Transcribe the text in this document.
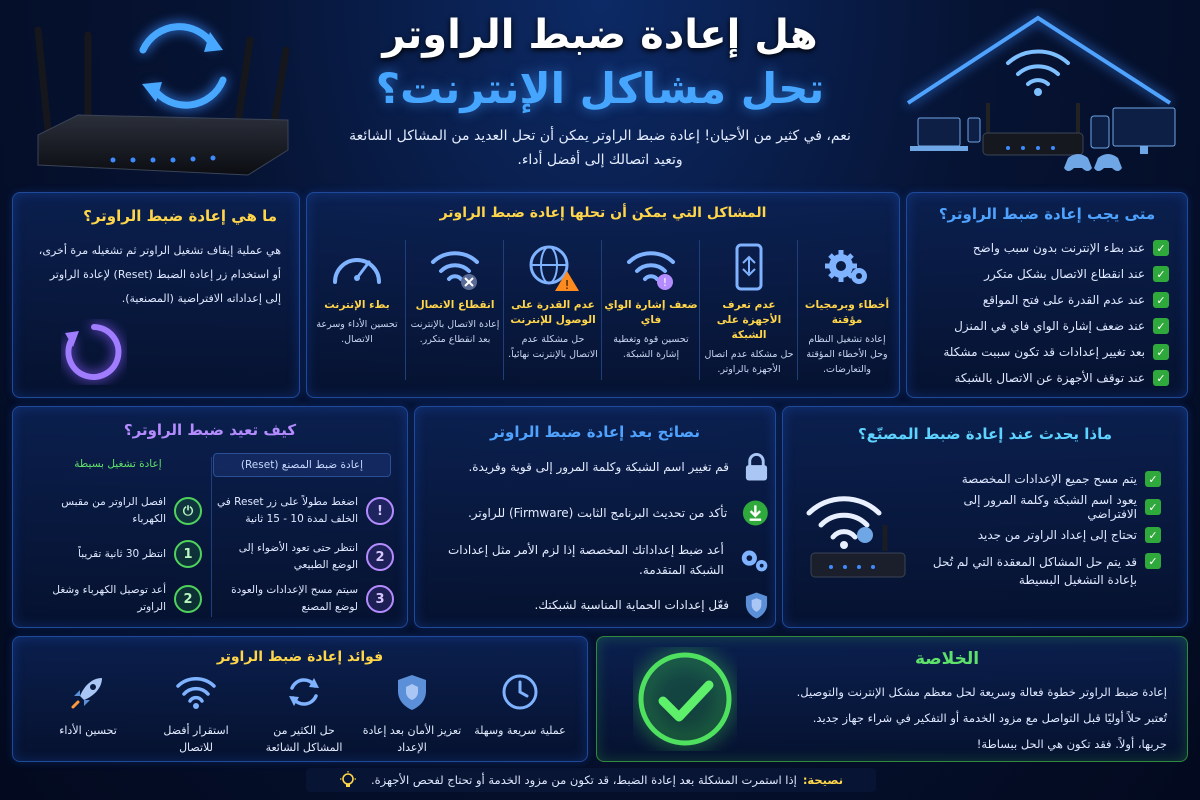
هل إعادة ضبط الراوتر
تحل مشاكل الإنترنت؟
نعم، في كثير من الأحيان! إعادة ضبط الراوتر يمكن أن تحل العديد من المشاكل الشائعة
وتعيد اتصالك إلى أفضل أداء.
متى يجب إعادة ضبط الراوتر؟
✓
عند بطء الإنترنت بدون سبب واضح
✓
عند انقطاع الاتصال بشكل متكرر
✓
عند عدم القدرة على فتح المواقع
✓
عند ضعف إشارة الواي فاي في المنزل
✓
بعد تغيير إعدادات قد تكون سببت مشكلة
✓
عند توقف الأجهزة عن الاتصال بالشبكة
المشاكل التي يمكن أن تحلها إعادة ضبط الراوتر
أخطاء وبرمجيات مؤقتة
إعادة تشغيل النظام وحل الأخطاء المؤقتة والتعارضات.
عدم تعرف الأجهزة على الشبكة
حل مشكلة عدم اتصال الأجهزة بالراوتر.
!
ضعف إشارة الواي فاي
تحسين قوة وتغطية إشارة الشبكة.
!
عدم القدرة على الوصول للإنترنت
حل مشكلة عدم الاتصال بالإنترنت نهائياً.
انقطاع الاتصال
إعادة الاتصال بالإنترنت بعد انقطاع متكرر.
بطء الإنترنت
تحسين الأداء وسرعة الاتصال.
ما هي إعادة ضبط الراوتر؟
هي عملية إيقاف تشغيل الراوتر ثم تشغيله مرة أخرى،
أو استخدام زر إعادة الضبط (Reset) لإعادة الراوتر
إلى إعداداته الافتراضية (المصنعية).
ماذا يحدث عند إعادة ضبط المصنّع؟
✓
يتم مسح جميع الإعدادات المخصصة
✓
يعود اسم الشبكة وكلمة المرور إلى الافتراضي
✓
تحتاج إلى إعداد الراوتر من جديد
✓
قد يتم حل المشاكل المعقدة التي لم تُحل بإعادة التشغيل البسيطة
نصائح بعد إعادة ضبط الراوتر
قم تغيير اسم الشبكة وكلمة المرور إلى قوية وفريدة.
تأكد من تحديث البرنامج الثابت (Firmware) للراوتر.
أعد ضبط إعداداتك المخصصة إذا لزم الأمر مثل إعدادات الشبكة المتقدمة.
فعّل إعدادات الحماية المناسبة لشبكتك.
كيف تعيد ضبط الراوتر؟
إعادة ضبط المصنع (Reset)
إعادة تشغيل بسيطة
!
اضغط مطولاً على زر Reset في الخلف لمدة 10 - 15 ثانية
2
انتظر حتى تعود الأضواء إلى الوضع الطبيعي
3
سيتم مسح الإعدادات والعودة لوضع المصنع
⏻
افصل الراوتر من مقبس الكهرباء
1
انتظر 30 ثانية تقريباً
2
أعد توصيل الكهرباء وشغل الراوتر
الخلاصة
إعادة ضبط الراوتر خطوة فعالة وسريعة لحل معظم مشكل الإنترنت والتوصيل.
تُعتبر حلاً أوليًا قبل التواصل مع مزود الخدمة أو التفكير في شراء جهاز جديد.
جربها، أولاً. فقد تكون هي الحل ببساطة!
فوائد إعادة ضبط الراوتر
عملية سريعة وسهلة
تعزيز الأمان بعد إعادة الإعداد
حل الكثير من المشاكل الشائعة
استقرار أفضل للاتصال
تحسين الأداء
نصيحة:
إذا استمرت المشكلة بعد إعادة الضبط، قد تكون من مزود الخدمة أو تحتاج لفحص الأجهزة.
